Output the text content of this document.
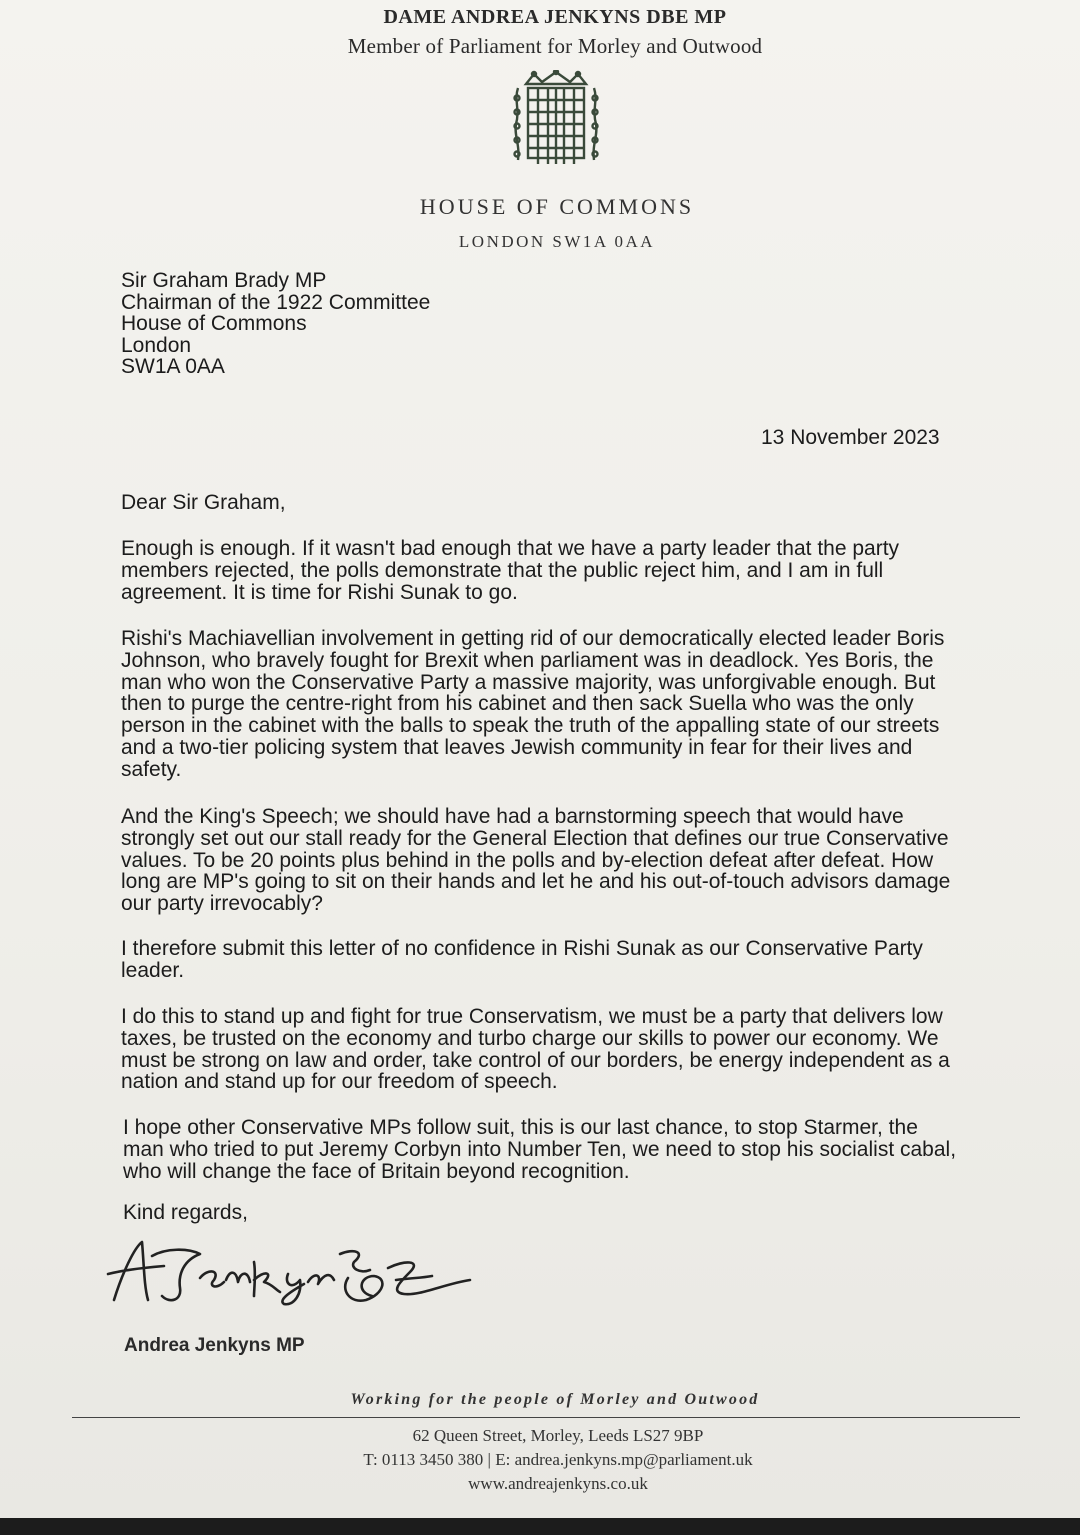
DAME ANDREA JENKYNS DBE MP
Member of Parliament for Morley and Outwood
HOUSE OF COMMONS
LONDON SW1A 0AA
Sir Graham Brady MP
Chairman of the 1922 Committee
House of Commons
London
SW1A 0AA
13 November 2023
Dear Sir Graham,
Enough is enough. If it wasn't bad enough that we have a party leader that the party members rejected, the polls demonstrate that the public reject him, and I am in full agreement. It is time for Rishi Sunak to go.
Rishi's Machiavellian involvement in getting rid of our democratically elected leader Boris Johnson, who bravely fought for Brexit when parliament was in deadlock. Yes Boris, the man who won the Conservative Party a massive majority, was unforgivable enough. But then to purge the centre-right from his cabinet and then sack Suella who was the only person in the cabinet with the balls to speak the truth of the appalling state of our streets and a two-tier policing system that leaves Jewish community in fear for their lives and safety.
And the King's Speech; we should have had a barnstorming speech that would have strongly set out our stall ready for the General Election that defines our true Conservative values. To be 20 points plus behind in the polls and by-election defeat after defeat. How long are MP's going to sit on their hands and let he and his out-of-touch advisors damage our party irrevocably?
I therefore submit this letter of no confidence in Rishi Sunak as our Conservative Party leader.
I do this to stand up and fight for true Conservatism, we must be a party that delivers low taxes, be trusted on the economy and turbo charge our skills to power our economy. We must be strong on law and order, take control of our borders, be energy independent as a nation and stand up for our freedom of speech.
I hope other Conservative MPs follow suit, this is our last chance, to stop Starmer, the man who tried to put Jeremy Corbyn into Number Ten, we need to stop his socialist cabal, who will change the face of Britain beyond recognition.
Kind regards,
Andrea Jenkyns MP
Working for the people of Morley and Outwood
62 Queen Street, Morley, Leeds LS27 9BP
T: 0113 3450 380 | E: andrea.jenkyns.mp@parliament.uk
www.andreajenkyns.co.uk
